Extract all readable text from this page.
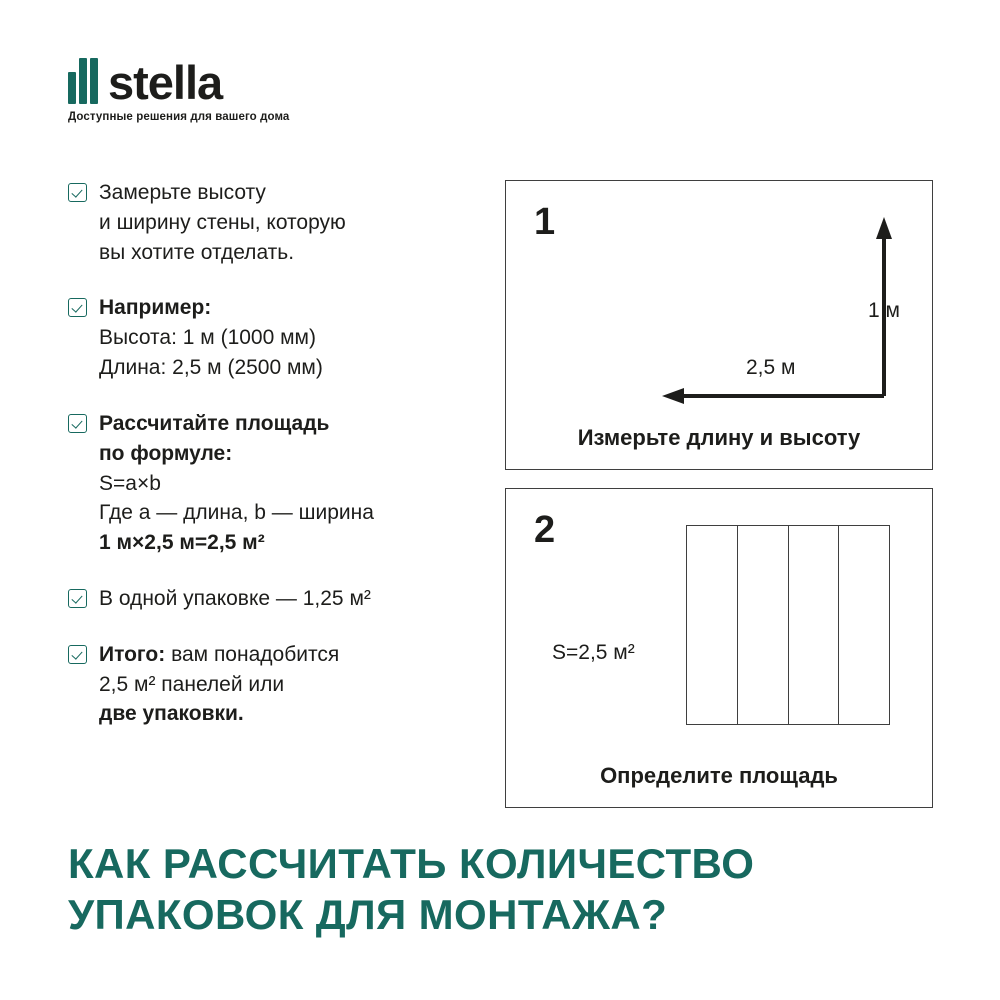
stella
Доступные решения для вашего дома
Замерьте высоту
и ширину стены, которую
вы хотите отделать.
Например:
Высота: 1 м (1000 мм)
Длина: 2,5 м (2500 мм)
Рассчитайте площадь
по формуле:
S=a×b
Где a — длина, b — ширина
1 м×2,5 м=2,5 м²
В одной упаковке — 1,25 м²
Итого: вам понадобится
2,5 м² панелей или
две упаковки.
1
1 м
2,5 м
Измерьте длину и высоту
2
S=2,5 м²
Определите площадь
КАК РАССЧИТАТЬ КОЛИЧЕСТВО
УПАКОВОК ДЛЯ МОНТАЖА?
